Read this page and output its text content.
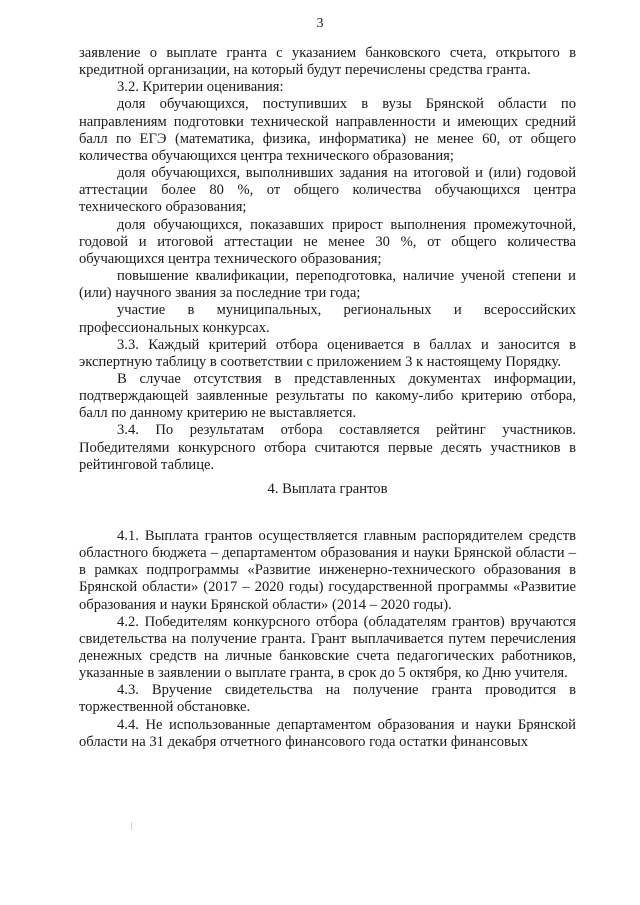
3

заявление о выплате гранта с указанием банковского счета, открытого в кредитной организации, на который будут перечислены средства гранта.

3.2. Критерии оценивания:

доля обучающихся, поступивших в вузы Брянской области по направлениям подготовки технической направленности и имеющих средний балл по ЕГЭ (математика, физика, информатика) не менее 60, от общего количества обучающихся центра технического образования;

доля обучающихся, выполнивших задания на итоговой и (или) годовой аттестации более 80 %, от общего количества обучающихся центра технического образования;

доля обучающихся, показавших прирост выполнения промежуточной, годовой и итоговой аттестации не менее 30 %, от общего количества обучающихся центра технического образования;

повышение квалификации, переподготовка, наличие ученой степени и (или) научного звания за последние три года;

участие в муниципальных, региональных и всероссийских профессиональных конкурсах.

3.3. Каждый критерий отбора оценивается в баллах и заносится в экспертную таблицу в соответствии с приложением 3 к настоящему Порядку.

В случае отсутствия в представленных документах информации, подтверждающей заявленные результаты по какому-либо критерию отбора, балл по данному критерию не выставляется.

3.4. По результатам отбора составляется рейтинг участников. Победителями конкурсного отбора считаются первые десять участников в рейтинговой таблице.

4. Выплата грантов

4.1. Выплата грантов осуществляется главным распорядителем средств областного бюджета – департаментом образования и науки Брянской области – в рамках подпрограммы «Развитие инженерно-технического образования в Брянской области» (2017 – 2020 годы) государственной программы «Развитие образования и науки Брянской области» (2014 – 2020 годы).

4.2. Победителям конкурсного отбора (обладателям грантов) вручаются свидетельства на получение гранта. Грант выплачивается путем перечисления денежных средств на личные банковские счета педагогических работников, указанные в заявлении о выплате гранта, в срок до 5 октября, ко Дню учителя.

4.3. Вручение свидетельства на получение гранта проводится в торжественной обстановке.

4.4. Не использованные департаментом образования и науки Брянской области на 31 декабря отчетного финансового года остатки финансовых
